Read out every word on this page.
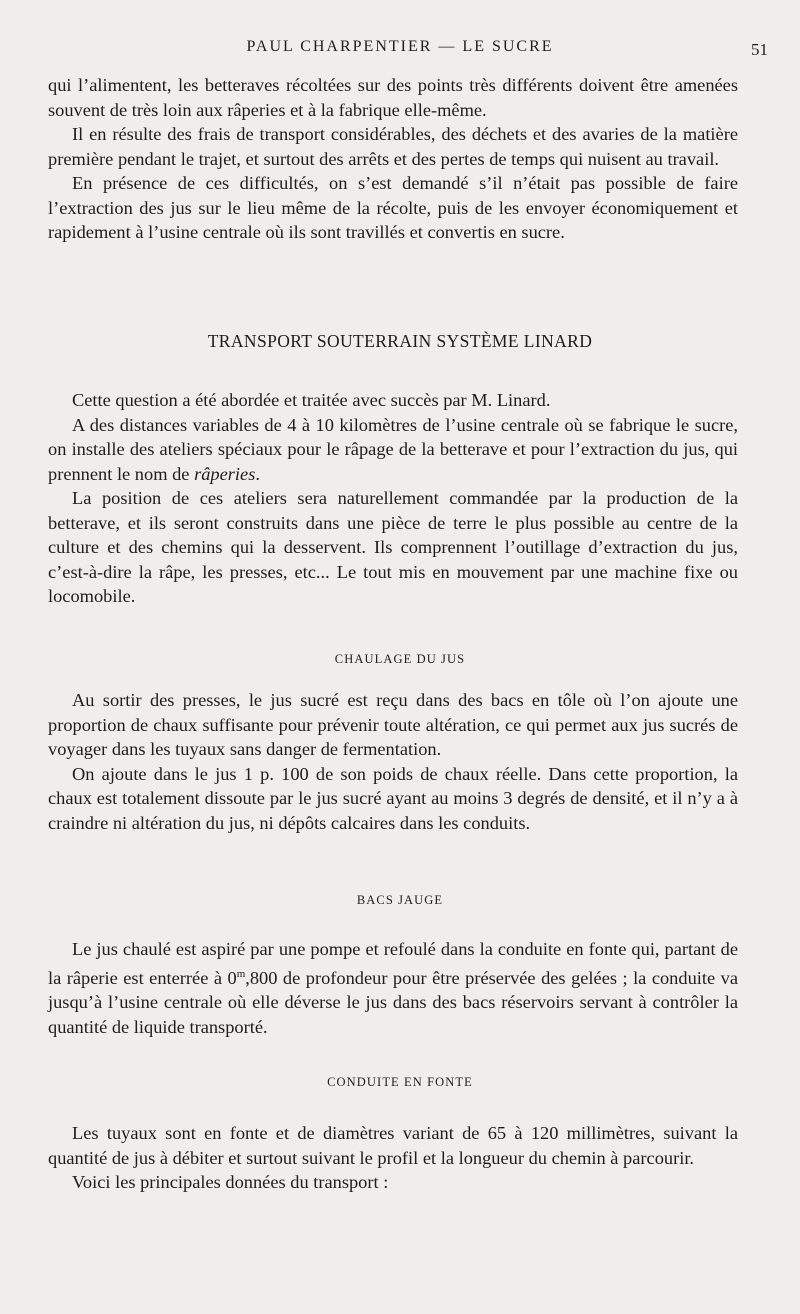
PAUL CHARPENTIER — LE SUCRE	51

qui l’alimentent, les betteraves récoltées sur des points très différents doivent être amenées souvent de très loin aux râperies et à la fabrique elle-même.

Il en résulte des frais de transport considérables, des déchets et des avaries de la matière première pendant le trajet, et surtout des arrêts et des pertes de temps qui nuisent au travail.

En présence de ces difficultés, on s’est demandé s’il n’était pas possible de faire l’extraction des jus sur le lieu même de la récolte, puis de les envoyer économiquement et rapidement à l’usine centrale où ils sont travillés et convertis en sucre.

TRANSPORT SOUTERRAIN SYSTÈME LINARD

Cette question a été abordée et traitée avec succès par M. Linard.

A des distances variables de 4 à 10 kilomètres de l’usine centrale où se fabrique le sucre, on installe des ateliers spéciaux pour le râpage de la betterave et pour l’extraction du jus, qui prennent le nom de râperies.

La position de ces ateliers sera naturellement commandée par la production de la betterave, et ils seront construits dans une pièce de terre le plus possible au centre de la culture et des chemins qui la desservent. Ils comprennent l’outillage d’extraction du jus, c’est-à-dire la râpe, les presses, etc... Le tout mis en mouvement par une machine fixe ou locomobile.

CHAULAGE DU JUS

Au sortir des presses, le jus sucré est reçu dans des bacs en tôle où l’on ajoute une proportion de chaux suffisante pour prévenir toute altération, ce qui permet aux jus sucrés de voyager dans les tuyaux sans danger de fermentation.

On ajoute dans le jus 1 p. 100 de son poids de chaux réelle. Dans cette proportion, la chaux est totalement dissoute par le jus sucré ayant au moins 3 degrés de densité, et il n’y a à craindre ni altération du jus, ni dépôts calcaires dans les conduits.

BACS JAUGE

Le jus chaulé est aspiré par une pompe et refoulé dans la conduite en fonte qui, partant de la râperie est enterrée à 0$^m$,800 de profondeur pour être préservée des gelées ; la conduite va jusqu’à l’usine centrale où elle déverse le jus dans des bacs réservoirs servant à contrôler la quantité de liquide transporté.

CONDUITE EN FONTE

Les tuyaux sont en fonte et de diamètres variant de 65 à 120 millimètres, suivant la quantité de jus à débiter et surtout suivant le profil et la longueur du chemin à parcourir.

Voici les principales données du transport :
